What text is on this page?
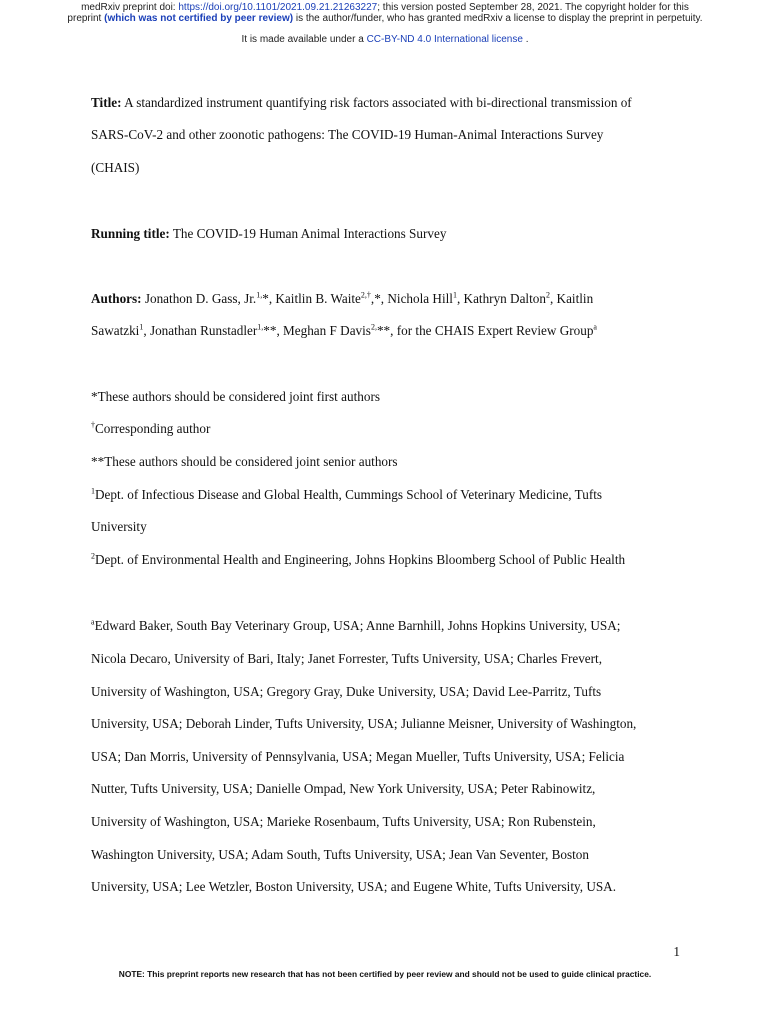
medRxiv preprint doi: https://doi.org/10.1101/2021.09.21.21263227; this version posted September 28, 2021. The copyright holder for this
preprint (which was not certified by peer review) is the author/funder, who has granted medRxiv a license to display the preprint in perpetuity.
It is made available under a CC-BY-ND 4.0 International license .
Title: A standardized instrument quantifying risk factors associated with bi-directional transmission of
SARS-CoV-2 and other zoonotic pathogens: The COVID-19 Human-Animal Interactions Survey
(CHAIS)
Running title: The COVID-19 Human Animal Interactions Survey
Authors: Jonathon D. Gass, Jr.$^{1,}$*, Kaitlin B. Waite$^{2,\dagger}$,*, Nichola Hill$^1$, Kathryn Dalton$^2$, Kaitlin
Sawatzki$^1$, Jonathan Runstadler$^{1,}$**, Meghan F Davis$^{2,}$**, for the CHAIS Expert Review Group$^a$
*These authors should be considered joint first authors
†Corresponding author
**These authors should be considered joint senior authors
$^1$Dept. of Infectious Disease and Global Health, Cummings School of Veterinary Medicine, Tufts
University
$^2$Dept. of Environmental Health and Engineering, Johns Hopkins Bloomberg School of Public Health
$^a$Edward Baker, South Bay Veterinary Group, USA; Anne Barnhill, Johns Hopkins University, USA;
Nicola Decaro, University of Bari, Italy; Janet Forrester, Tufts University, USA; Charles Frevert,
University of Washington, USA; Gregory Gray, Duke University, USA; David Lee-Parritz, Tufts
University, USA; Deborah Linder, Tufts University, USA; Julianne Meisner, University of Washington,
USA; Dan Morris, University of Pennsylvania, USA; Megan Mueller, Tufts University, USA; Felicia
Nutter, Tufts University, USA; Danielle Ompad, New York University, USA; Peter Rabinowitz,
University of Washington, USA; Marieke Rosenbaum, Tufts University, USA; Ron Rubenstein,
Washington University, USA; Adam South, Tufts University, USA; Jean Van Seventer, Boston
University, USA; Lee Wetzler, Boston University, USA; and Eugene White, Tufts University, USA.
1
NOTE: This preprint reports new research that has not been certified by peer review and should not be used to guide clinical practice.
